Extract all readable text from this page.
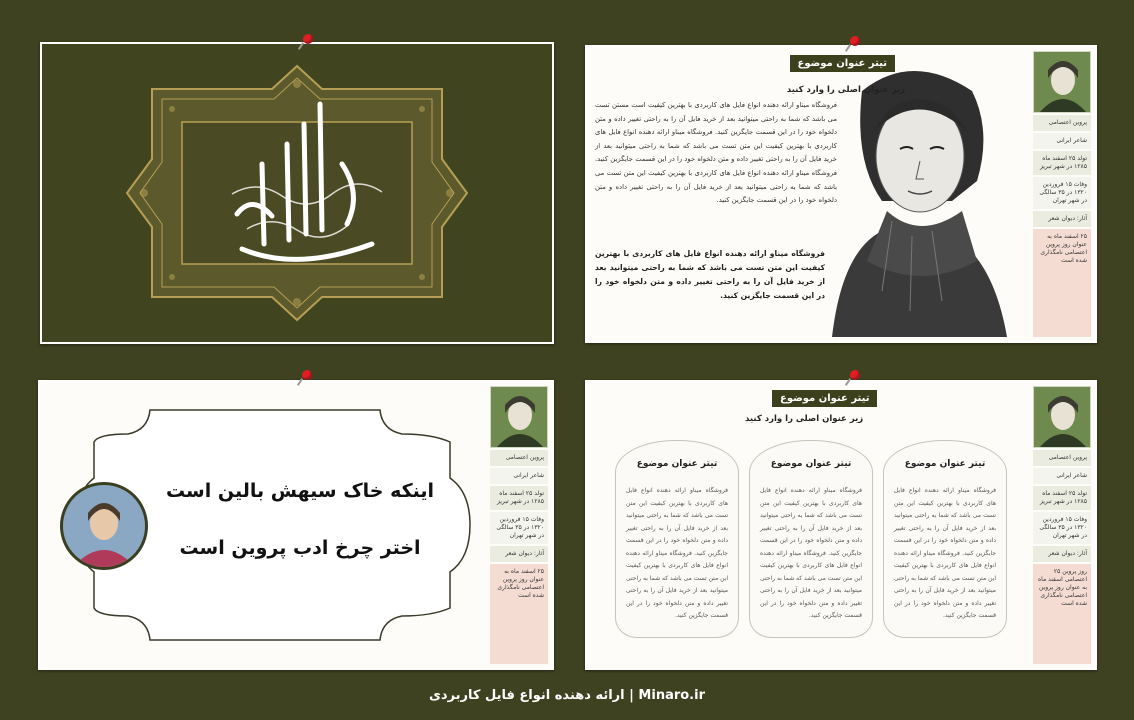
پروین اعتصامی
شاعر ایرانی
تولد ۲۵ اسفند ماه ۱۲۸۵ در شهر تبریز
وفات ۱۵ فروردین ۱۳۲۰ در ۳۵ سالگی در شهر تهران
آثار: دیوان شعر
۲۵ اسفند ماه به عنوان روز پروین اعتصامی نامگذاری شده است
تیتر عنوان موضوع
زیر عنوان اصلی را وارد کنید
فروشگاه میناو ارائه دهنده انواع فایل های کاربردی با بهترین کیفیت است مستن تست می باشد که شما به راحتی میتوانید بعد از خرید فایل آن را به راحتی تغییر داده و متن دلخواه خود را در این قسمت جایگزین کنید. فروشگاه میناو ارائه دهنده انواع فایل های کاربردی با بهترین کیفیت این متن تست می باشد که شما به راحتی میتوانید بعد از خرید فایل آن را به راحتی تغییر داده و متن دلخواه خود را در این قسمت جایگزین کنید. فروشگاه میناو ارائه دهنده انواع فایل های کاربردی با بهترین کیفیت این متن تست می باشد که شما به راحتی میتوانید بعد از خرید فایل آن را به راحتی تغییر داده و متن دلخواه خود را در این قسمت جایگزین کنید.
فروشگاه میناو ارائه دهنده انواع فایل های کاربردی با بهترین کیفیت این متن تست می باشد که شما به راحتی میتوانید بعد از خرید فایل آن را به راحتی تغییر داده و متن دلخواه خود را در این قسمت جایگزین کنید.
پروین اعتصامی
شاعر ایرانی
تولد ۲۵ اسفند ماه ۱۲۸۵ در شهر تبریز
وفات ۱۵ فروردین ۱۳۲۰ در ۳۵ سالگی در شهر تهران
آثار: دیوان شعر
۲۵ اسفند ماه به عنوان روز پروین اعتصامی نامگذاری شده است
اینکه خاک سیهش بالین است
اختر چرخ ادب پروین است
پروین اعتصامی
شاعر ایرانی
تولد ۲۵ اسفند ماه ۱۲۸۵ در شهر تبریز
وفات ۱۵ فروردین ۱۳۲۰ در ۳۵ سالگی در شهر تهران
آثار: دیوان شعر
روز پروین ۲۵ اعتصامی اسفند ماه به عنوان روز پروین اعتصامی نامگذاری شده است
تیتر عنوان موضوع
زیر عنوان اصلی را وارد کنید
تیتر عنوان موضوع
فروشگاه میناو ارائه دهنده انواع فایل های کاربردی با بهترین کیفیت این متن تست می باشد که شما به راحتی میتوانید بعد از خرید فایل آن را به راحتی تغییر داده و متن دلخواه خود را در این قسمت جایگزین کنید. فروشگاه میناو ارائه دهنده انواع فایل های کاربردی با بهترین کیفیت این متن تست می باشد که شما به راحتی میتوانید بعد از خرید فایل آن را به راحتی تغییر داده و متن دلخواه خود را در این قسمت جایگزین کنید.
تیتر عنوان موضوع
فروشگاه میناو ارائه دهنده انواع فایل های کاربردی با بهترین کیفیت این متن تست می باشد که شما به راحتی میتوانید بعد از خرید فایل آن را به راحتی تغییر داده و متن دلخواه خود را در این قسمت جایگزین کنید. فروشگاه میناو ارائه دهنده انواع فایل های کاربردی با بهترین کیفیت این متن تست می باشد که شما به راحتی میتوانید بعد از خرید فایل آن را به راحتی تغییر داده و متن دلخواه خود را در این قسمت جایگزین کنید.
تیتر عنوان موضوع
فروشگاه میناو ارائه دهنده انواع فایل های کاربردی با بهترین کیفیت این متن تست می باشد که شما به راحتی میتوانید بعد از خرید فایل آن را به راحتی تغییر داده و متن دلخواه خود را در این قسمت جایگزین کنید. فروشگاه میناو ارائه دهنده انواع فایل های کاربردی با بهترین کیفیت این متن تست می باشد که شما به راحتی میتوانید بعد از خرید فایل آن را به راحتی تغییر داده و متن دلخواه خود را در این قسمت جایگزین کنید.
Minaro.ir | ارائه دهنده انواع فایل کاربردی
